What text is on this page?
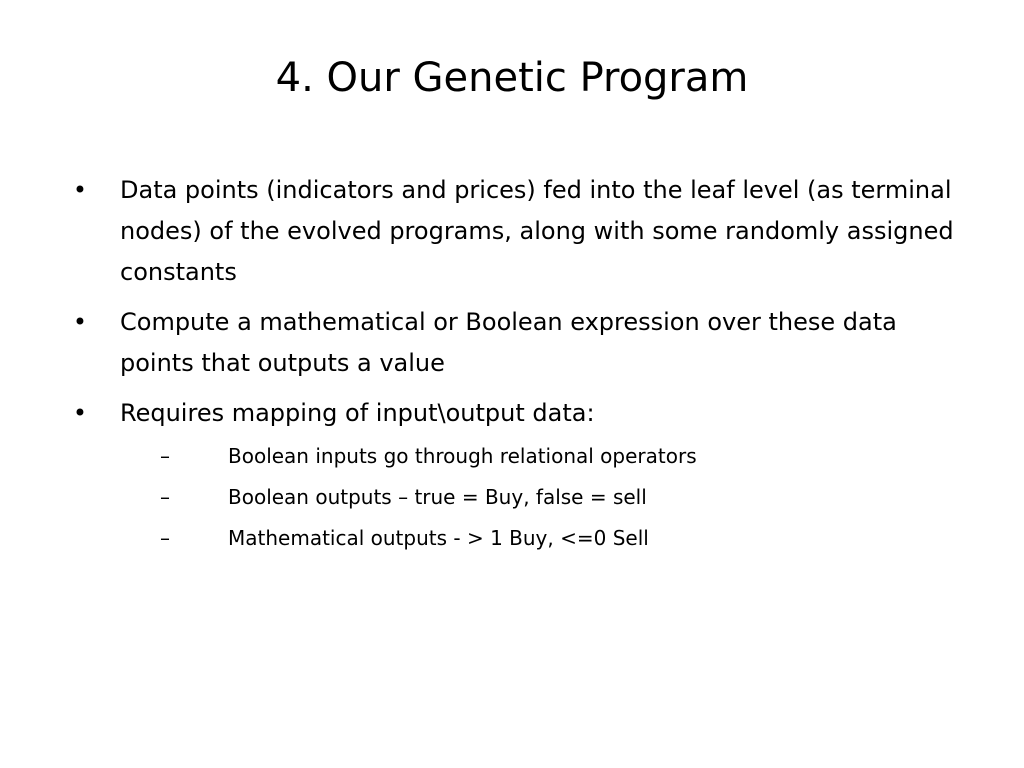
4. Our Genetic Program
• Data points (indicators and prices) fed into the leaf level (as terminal nodes) of the evolved programs, along with some randomly assigned constants
• Compute a mathematical or Boolean expression over these data points that outputs a value
• Requires mapping of input\output data:
–	Boolean inputs go through relational operators
–	Boolean outputs – true = Buy, false = sell
–	Mathematical outputs - > 1 Buy, <=0 Sell
